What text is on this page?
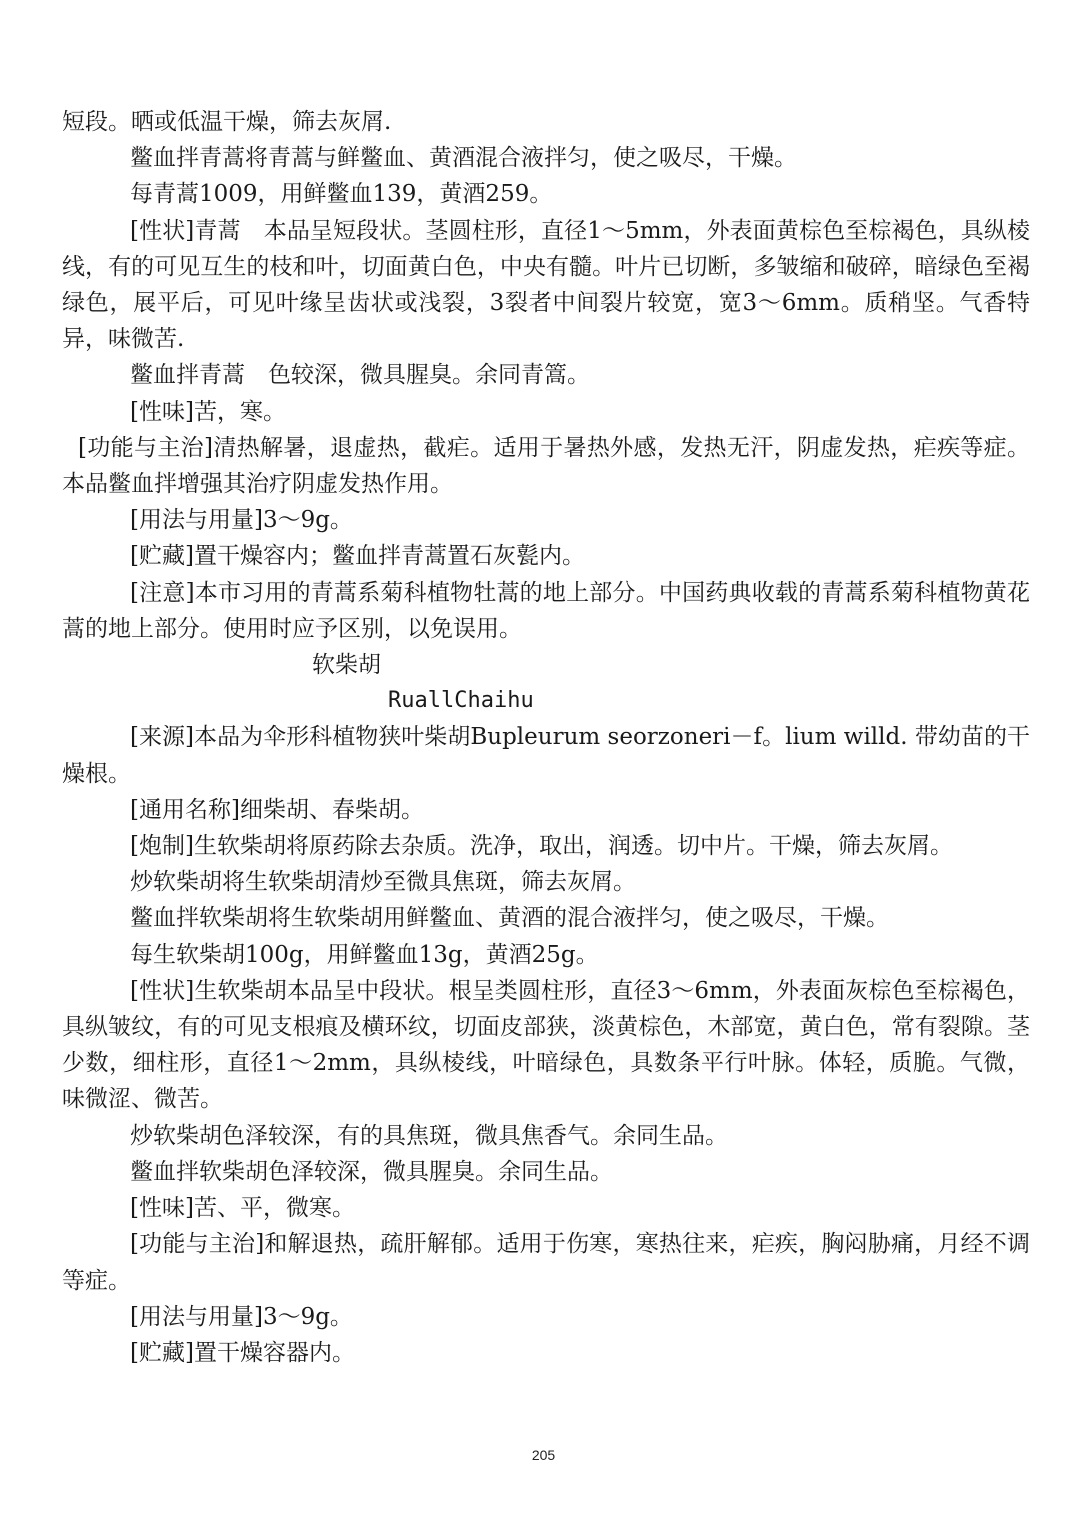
短段。晒或低温干燥，筛去灰屑.

鳖血拌青蒿将青蒿与鲜鳖血、黄酒混合液拌匀，使之吸尽，干燥。

每青蒿1009，用鲜鳖血139，黄酒259。

[性状]青蒿　本品呈短段状。茎圆柱形，直径1～5mm，外表面黄棕色至棕褐色，具纵棱线，有的可见互生的枝和叶，切面黄白色，中央有髓。叶片已切断，多皱缩和破碎，暗绿色至褐绿色，展平后，可见叶缘呈齿状或浅裂，3裂者中间裂片较宽，宽3～6mm。质稍坚。气香特异，味微苦.

鳖血拌青蒿　色较深，微具腥臭。余同青篙。

[性味]苦，寒。

[功能与主治]清热解暑，退虚热，截疟。适用于暑热外感，发热无汗，阴虚发热，疟疾等症。本品鳖血拌增强其治疗阴虚发热作用。

[用法与用量]3～9g。

[贮藏]置干燥容内；鳖血拌青蒿置石灰甏内。

[注意]本市习用的青蒿系菊科植物牡蒿的地上部分。中国药典收载的青蒿系菊科植物黄花蒿的地上部分。使用时应予区别，以免误用。

软柴胡

RuallChaihu

[来源]本品为伞形科植物狭叶柴胡Bupleurum seorzoneri－f。lium willd. 带幼苗的干燥根。

[通用名称]细柴胡、春柴胡。

[炮制]生软柴胡将原药除去杂质。洗净，取出，润透。切中片。干燥，筛去灰屑。

炒软柴胡将生软柴胡清炒至微具焦斑，筛去灰屑。

鳖血拌软柴胡将生软柴胡用鲜鳖血、黄酒的混合液拌匀，使之吸尽，干燥。

每生软柴胡100g，用鲜鳖血13g，黄酒25g。

[性状]生软柴胡本品呈中段状。根呈类圆柱形，直径3～6mm，外表面灰棕色至棕褐色，具纵皱纹，有的可见支根痕及横环纹，切面皮部狭，淡黄棕色，木部宽，黄白色，常有裂隙。茎少数，细柱形，直径1～2mm，具纵棱线，叶暗绿色，具数条平行叶脉。体轻，质脆。气微，味微涩、微苦。

炒软柴胡色泽较深，有的具焦斑，微具焦香气。余同生品。

鳖血拌软柴胡色泽较深，微具腥臭。余同生品。

[性味]苦、平，微寒。

[功能与主治]和解退热，疏肝解郁。适用于伤寒，寒热往来，疟疾，胸闷胁痛，月经不调等症。

[用法与用量]3～9g。

[贮藏]置干燥容器内。

205
